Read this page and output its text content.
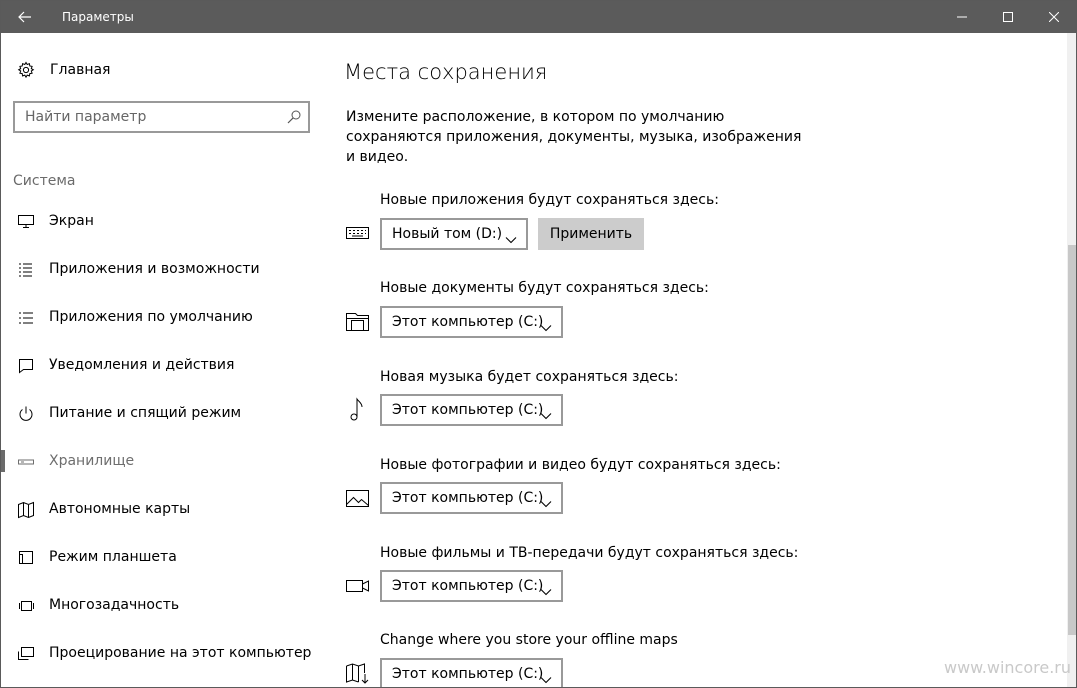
Параметры
Главная
Найти параметр
Система
Экран
Приложения и возможности
Приложения по умолчанию
Уведомления и действия
Питание и спящий режим
Хранилище
Автономные карты
Режим планшета
Многозадачность
Проецирование на этот компьютер
Места сохранения
Измените расположение, в котором по умолчанию сохраняются приложения, документы, музыка, изображения и видео.
Новые приложения будут сохраняться здесь:
Новый том (D:)	Применить
Новые документы будут сохраняться здесь:
Этот компьютер (C:)
Новая музыка будет сохраняться здесь:
Этот компьютер (C:)
Новые фотографии и видео будут сохраняться здесь:
Этот компьютер (C:)
Новые фильмы и ТВ-передачи будут сохраняться здесь:
Этот компьютер (C:)
Change where you store your offline maps
Этот компьютер (C:)	www.wincore.ru
